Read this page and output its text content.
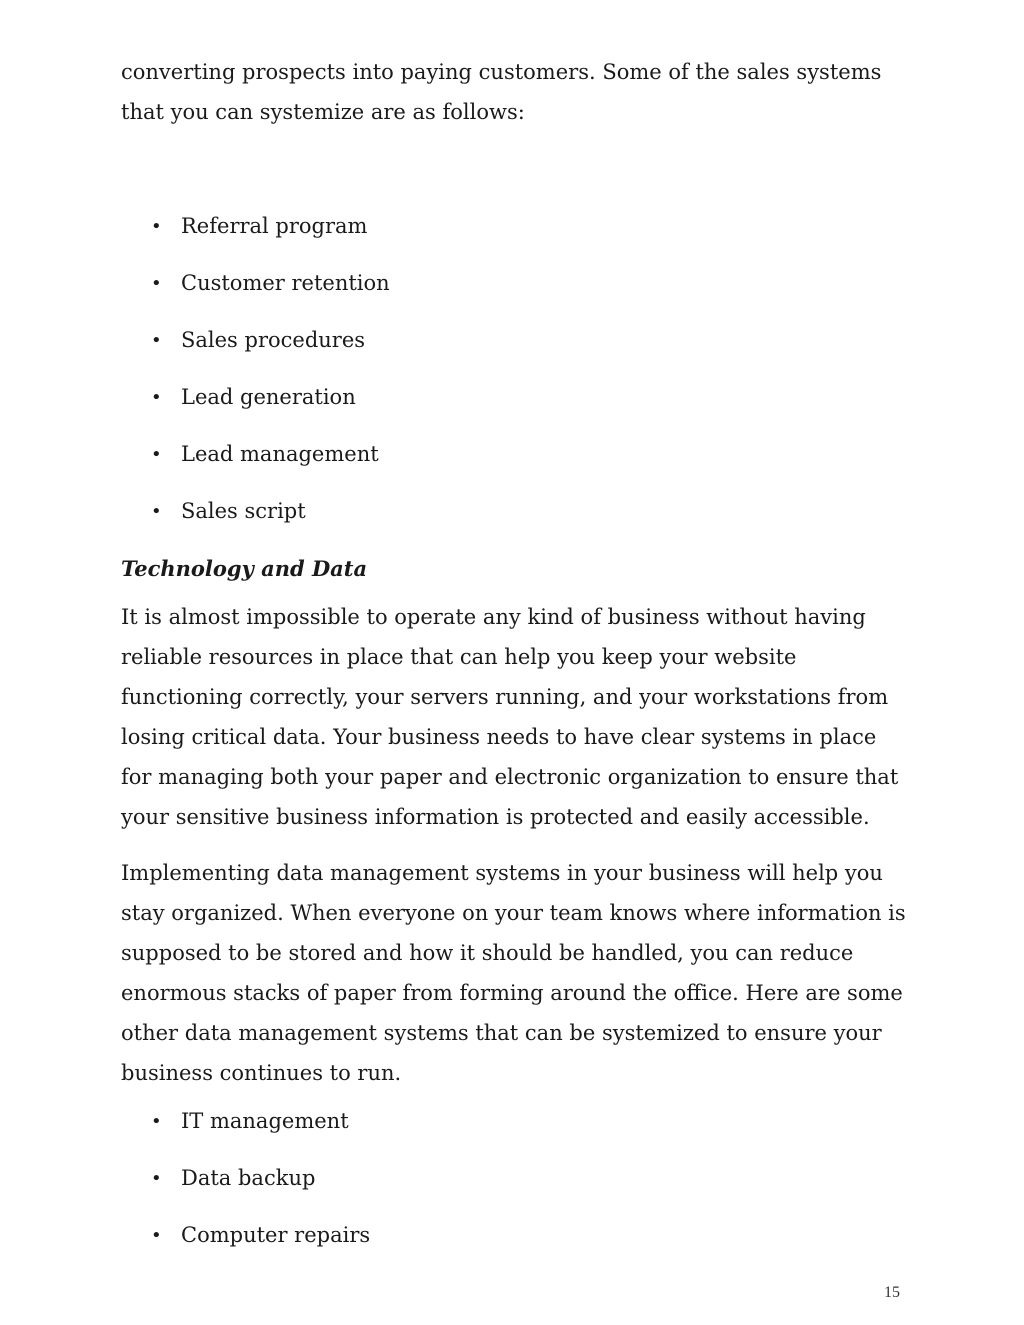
converting prospects into paying customers. Some of the sales systems that you can systemize are as follows:

• Referral program
• Customer retention
• Sales procedures
• Lead generation
• Lead management
• Sales script
Technology and Data

It is almost impossible to operate any kind of business without having reliable resources in place that can help you keep your website functioning correctly, your servers running, and your workstations from losing critical data. Your business needs to have clear systems in place for managing both your paper and electronic organization to ensure that your sensitive business information is protected and easily accessible.

Implementing data management systems in your business will help you stay organized. When everyone on your team knows where information is supposed to be stored and how it should be handled, you can reduce enormous stacks of paper from forming around the office. Here are some other data management systems that can be systemized to ensure your business continues to run.

• IT management
• Data backup
• Computer repairs
15
